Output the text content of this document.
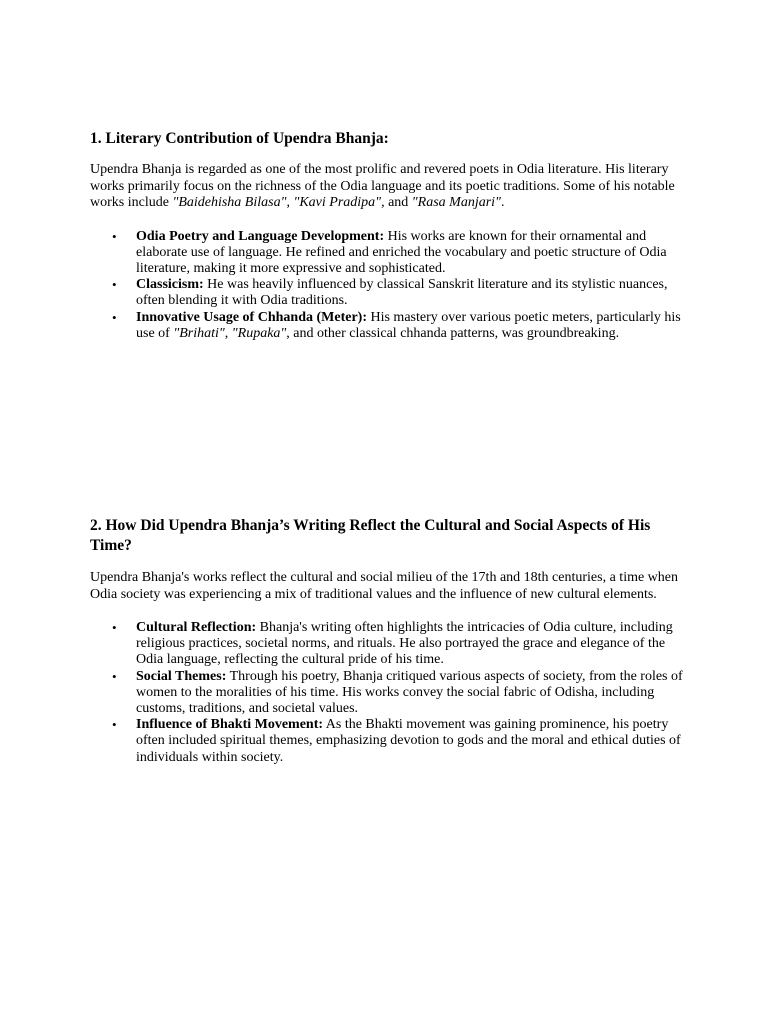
1. Literary Contribution of Upendra Bhanja:

Upendra Bhanja is regarded as one of the most prolific and revered poets in Odia literature. His literary works primarily focus on the richness of the Odia language and its poetic traditions. Some of his notable works include "Baidehisha Bilasa", "Kavi Pradipa", and "Rasa Manjari".

• Odia Poetry and Language Development: His works are known for their ornamental and elaborate use of language. He refined and enriched the vocabulary and poetic structure of Odia literature, making it more expressive and sophisticated.
• Classicism: He was heavily influenced by classical Sanskrit literature and its stylistic nuances, often blending it with Odia traditions.
• Innovative Usage of Chhanda (Meter): His mastery over various poetic meters, particularly his use of "Brihati", "Rupaka", and other classical chhanda patterns, was groundbreaking.
2. How Did Upendra Bhanja’s Writing Reflect the Cultural and Social Aspects of His Time?

Upendra Bhanja's works reflect the cultural and social milieu of the 17th and 18th centuries, a time when Odia society was experiencing a mix of traditional values and the influence of new cultural elements.

• Cultural Reflection: Bhanja's writing often highlights the intricacies of Odia culture, including religious practices, societal norms, and rituals. He also portrayed the grace and elegance of the Odia language, reflecting the cultural pride of his time.
• Social Themes: Through his poetry, Bhanja critiqued various aspects of society, from the roles of women to the moralities of his time. His works convey the social fabric of Odisha, including customs, traditions, and societal values.
• Influence of Bhakti Movement: As the Bhakti movement was gaining prominence, his poetry often included spiritual themes, emphasizing devotion to gods and the moral and ethical duties of individuals within society.
